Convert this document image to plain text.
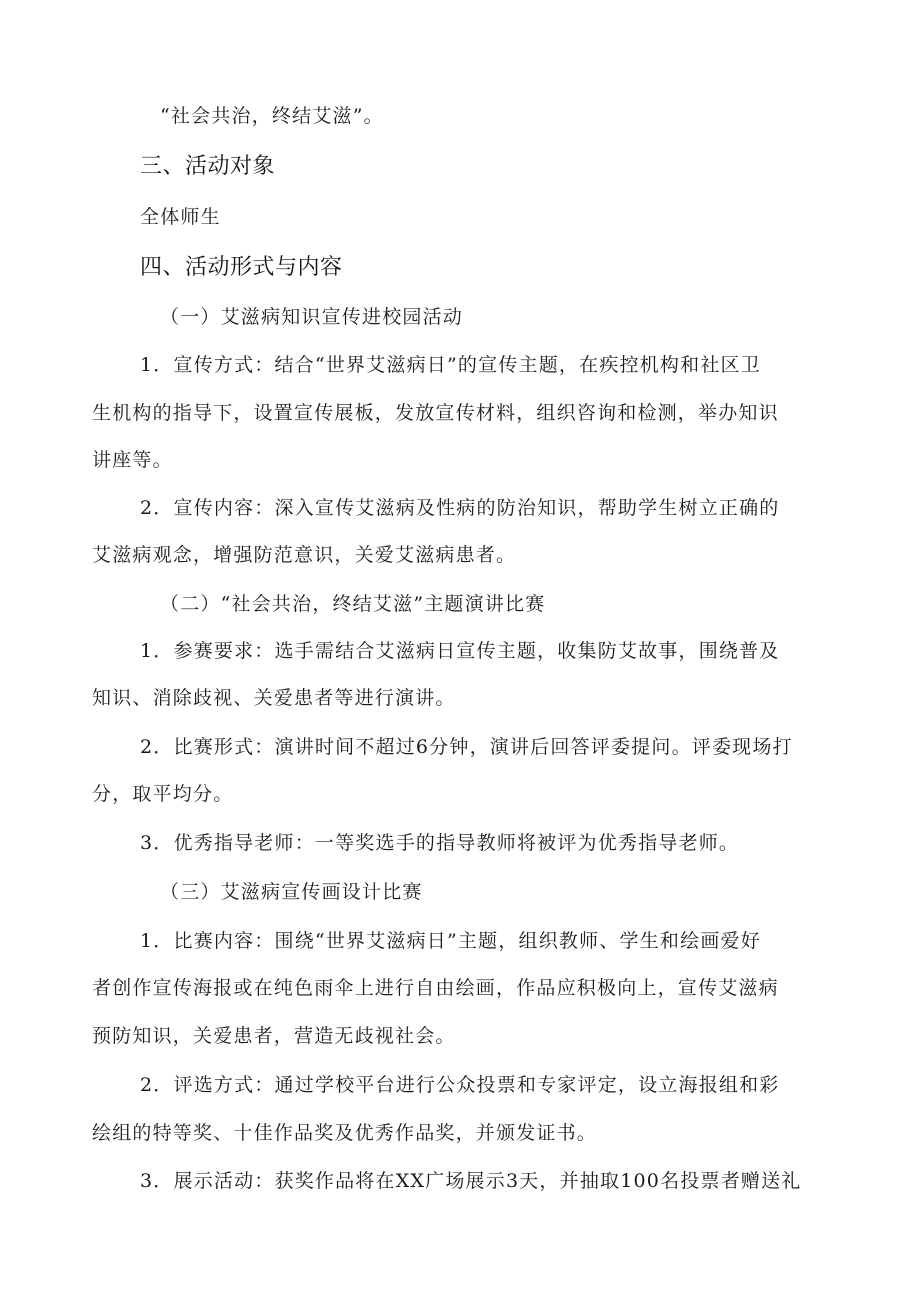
“社会共治，终结艾滋”。
三、活动对象
全体师生
四、活动形式与内容
（一）艾滋病知识宣传进校园活动
1．宣传方式：结合“世界艾滋病日”的宣传主题，在疾控机构和社区卫
生机构的指导下，设置宣传展板，发放宣传材料，组织咨询和检测，举办知识
讲座等。
2．宣传内容：深入宣传艾滋病及性病的防治知识，帮助学生树立正确的
艾滋病观念，增强防范意识，关爱艾滋病患者。
（二）“社会共治，终结艾滋”主题演讲比赛
1．参赛要求：选手需结合艾滋病日宣传主题，收集防艾故事，围绕普及
知识、消除歧视、关爱患者等进行演讲。
2．比赛形式：演讲时间不超过6分钟，演讲后回答评委提问。评委现场打
分，取平均分。
3．优秀指导老师：一等奖选手的指导教师将被评为优秀指导老师。
（三）艾滋病宣传画设计比赛
1．比赛内容：围绕“世界艾滋病日”主题，组织教师、学生和绘画爱好
者创作宣传海报或在纯色雨伞上进行自由绘画，作品应积极向上，宣传艾滋病
预防知识，关爱患者，营造无歧视社会。
2．评选方式：通过学校平台进行公众投票和专家评定，设立海报组和彩
绘组的特等奖、十佳作品奖及优秀作品奖，并颁发证书。
3．展示活动：获奖作品将在XX广场展示3天，并抽取100名投票者赠送礼
